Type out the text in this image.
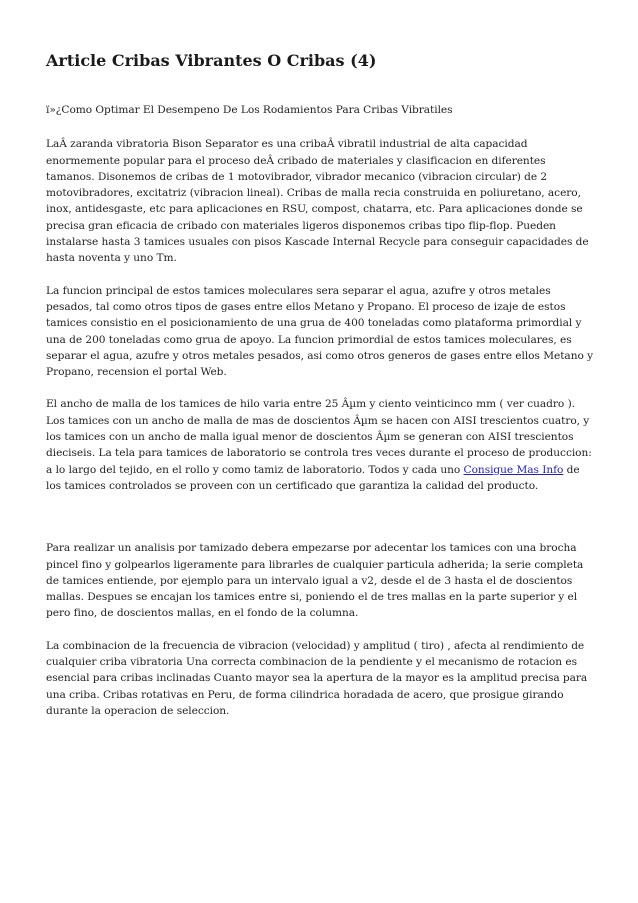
Article Cribas Vibrantes O Cribas (4)

ï»¿Como Optimar El Desempeno De Los Rodamientos Para Cribas Vibratiles

LaÂ zaranda vibratoria Bison Separator es una cribaÂ vibratil industrial de alta capacidad enormemente popular para el proceso deÂ cribado de materiales y clasificacion en diferentes tamanos. Disonemos de cribas de 1 motovibrador, vibrador mecanico (vibracion circular) de 2 motovibradores, excitatriz (vibracion lineal). Cribas de malla recia construida en poliuretano, acero, inox, antidesgaste, etc para aplicaciones en RSU, compost, chatarra, etc. Para aplicaciones donde se precisa gran eficacia de cribado con materiales ligeros disponemos cribas tipo flip-flop. Pueden instalarse hasta 3 tamices usuales con pisos Kascade Internal Recycle para conseguir capacidades de hasta noventa y uno Tm.

La funcion principal de estos tamices moleculares sera separar el agua, azufre y otros metales pesados, tal como otros tipos de gases entre ellos Metano y Propano. El proceso de izaje de estos tamices consistio en el posicionamiento de una grua de 400 toneladas como plataforma primordial y una de 200 toneladas como grua de apoyo. La funcion primordial de estos tamices moleculares, es separar el agua, azufre y otros metales pesados, asi como otros generos de gases entre ellos Metano y Propano, recension el portal Web.

El ancho de malla de los tamices de hilo varia entre 25 Âµm y ciento veinticinco mm ( ver cuadro ). Los tamices con un ancho de malla de mas de doscientos Âµm se hacen con AISI trescientos cuatro, y los tamices con un ancho de malla igual menor de doscientos Âµm se generan con AISI trescientos dieciseis. La tela para tamices de laboratorio se controla tres veces durante el proceso de produccion: a lo largo del tejido, en el rollo y como tamiz de laboratorio. Todos y cada uno Consigue Mas Info de los tamices controlados se proveen con un certificado que garantiza la calidad del producto.

Para realizar un analisis por tamizado debera empezarse por adecentar los tamices con una brocha pincel fino y golpearlos ligeramente para librarles de cualquier particula adherida; la serie completa de tamices entiende, por ejemplo para un intervalo igual a v2, desde el de 3 hasta el de doscientos mallas. Despues se encajan los tamices entre si, poniendo el de tres mallas en la parte superior y el pero fino, de doscientos mallas, en el fondo de la columna.

La combinacion de la frecuencia de vibracion (velocidad) y amplitud ( tiro) , afecta al rendimiento de cualquier criba vibratoria Una correcta combinacion de la pendiente y el mecanismo de rotacion es esencial para cribas inclinadas Cuanto mayor sea la apertura de la mayor es la amplitud precisa para una criba. Cribas rotativas en Peru, de forma cilindrica horadada de acero, que prosigue girando durante la operacion de seleccion.
